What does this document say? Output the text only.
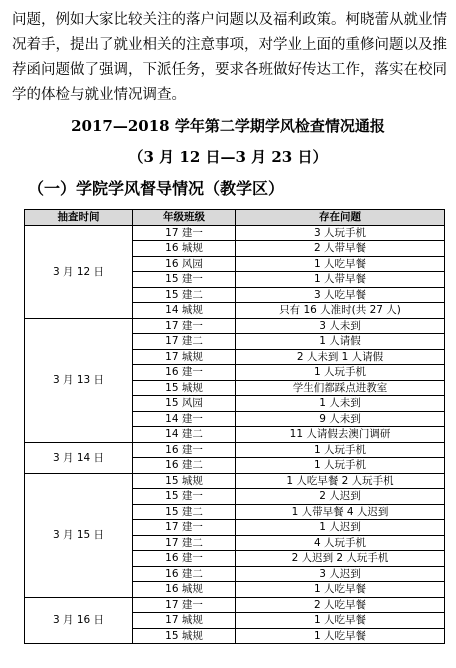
问题，例如大家比较关注的落户问题以及福利政策。柯晓蕾从就业情况着手，提出了就业相关的注意事项，对学业上面的重修问题以及推荐函问题做了强调，下派任务，要求各班做好传达工作，落实在校同学的体检与就业情况调查。

2017—2018 学年第二学期学风检查情况通报

（3 月 12 日—3 月 23 日）

（一）学院学风督导情况（教学区）

抽查时间	年级班级	存在问题
3 月 12 日	17 建一	3 人玩手机
	16 城规	2 人带早餐
	16 风园	1 人吃早餐
	15 建一	1 人带早餐
	15 建二	3 人吃早餐
	14 城规	只有 16 人准时(共 27 人)
3 月 13 日	17 建一	3 人未到
	17 建二	1 人请假
	17 城规	2 人未到 1 人请假
	16 建一	1 人玩手机
	15 城规	学生们都踩点进教室
	15 风园	1 人未到
	14 建一	9 人未到
	14 建二	11 人请假去澳门调研
3 月 14 日	16 建一	1 人玩手机
	16 建二	1 人玩手机
3 月 15 日	15 城规	1 人吃早餐 2 人玩手机
	15 建一	2 人迟到
	15 建二	1 人带早餐 4 人迟到
	17 建一	1 人迟到
	17 建二	4 人玩手机
	16 建一	2 人迟到 2 人玩手机
	16 建二	3 人迟到
	16 城规	1 人吃早餐
3 月 16 日	17 建一	2 人吃早餐
	17 城规	1 人吃早餐
	15 城规	1 人吃早餐
